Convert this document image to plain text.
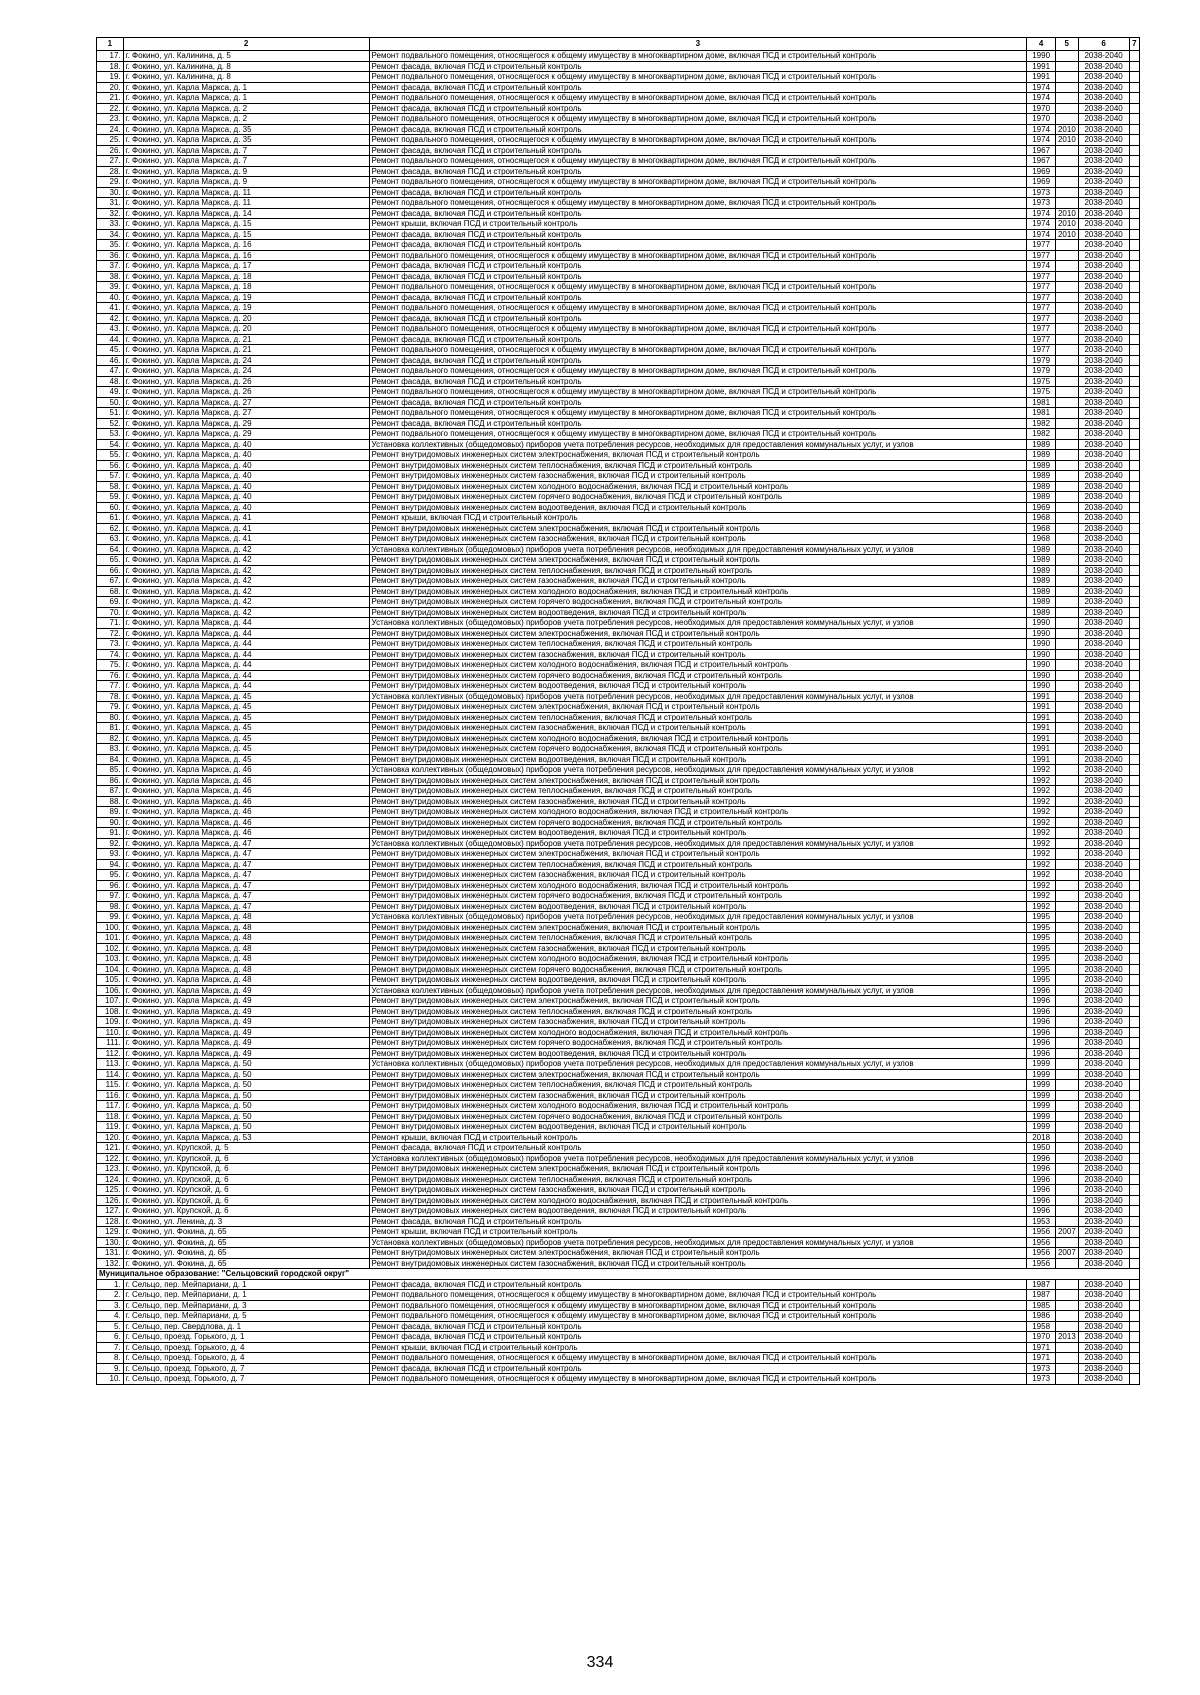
1	2	3	4	5	6	7
17.	г. Фокино, ул. Калинина, д. 5	Ремонт подвального помещения, относящегося к общему имуществу в многоквартирном доме, включая ПСД и строительный контроль	1990		2038-2040	
18.	г. Фокино, ул. Калинина, д. 8	Ремонт фасада, включая ПСД и строительный контроль	1991		2038-2040	
19.	г. Фокино, ул. Калинина, д. 8	Ремонт подвального помещения, относящегося к общему имуществу в многоквартирном доме, включая ПСД и строительный контроль	1991		2038-2040	
20.	г. Фокино, ул. Карла Маркса, д. 1	Ремонт фасада, включая ПСД и строительный контроль	1974		2038-2040	
21.	г. Фокино, ул. Карла Маркса, д. 1	Ремонт подвального помещения, относящегося к общему имуществу в многоквартирном доме, включая ПСД и строительный контроль	1974		2038-2040	
22.	г. Фокино, ул. Карла Маркса, д. 2	Ремонт фасада, включая ПСД и строительный контроль	1970		2038-2040	
23.	г. Фокино, ул. Карла Маркса, д. 2	Ремонт подвального помещения, относящегося к общему имуществу в многоквартирном доме, включая ПСД и строительный контроль	1970		2038-2040	
24.	г. Фокино, ул. Карла Маркса, д. 35	Ремонт фасада, включая ПСД и строительный контроль	1974	2010	2038-2040	
25.	г. Фокино, ул. Карла Маркса, д. 35	Ремонт подвального помещения, относящегося к общему имуществу в многоквартирном доме, включая ПСД и строительный контроль	1974	2010	2038-2040	
26.	г. Фокино, ул. Карла Маркса, д. 7	Ремонт фасада, включая ПСД и строительный контроль	1967		2038-2040	
27.	г. Фокино, ул. Карла Маркса, д. 7	Ремонт подвального помещения, относящегося к общему имуществу в многоквартирном доме, включая ПСД и строительный контроль	1967		2038-2040	
28.	г. Фокино, ул. Карла Маркса, д. 9	Ремонт фасада, включая ПСД и строительный контроль	1969		2038-2040	
29.	г. Фокино, ул. Карла Маркса, д. 9	Ремонт подвального помещения, относящегося к общему имуществу в многоквартирном доме, включая ПСД и строительный контроль	1969		2038-2040	
30.	г. Фокино, ул. Карла Маркса, д. 11	Ремонт фасада, включая ПСД и строительный контроль	1973		2038-2040	
31.	г. Фокино, ул. Карла Маркса, д. 11	Ремонт подвального помещения, относящегося к общему имуществу в многоквартирном доме, включая ПСД и строительный контроль	1973		2038-2040	
32.	г. Фокино, ул. Карла Маркса, д. 14	Ремонт фасада, включая ПСД и строительный контроль	1974	2010	2038-2040	
33.	г. Фокино, ул. Карла Маркса, д. 15	Ремонт крыши, включая ПСД и строительный контроль	1974	2010	2038-2040	
34.	г. Фокино, ул. Карла Маркса, д. 15	Ремонт фасада, включая ПСД и строительный контроль	1974	2010	2038-2040	
35.	г. Фокино, ул. Карла Маркса, д. 16	Ремонт фасада, включая ПСД и строительный контроль	1977		2038-2040	
36.	г. Фокино, ул. Карла Маркса, д. 16	Ремонт подвального помещения, относящегося к общему имуществу в многоквартирном доме, включая ПСД и строительный контроль	1977		2038-2040	
37.	г. Фокино, ул. Карла Маркса, д. 17	Ремонт фасада, включая ПСД и строительный контроль	1974		2038-2040	
38.	г. Фокино, ул. Карла Маркса, д. 18	Ремонт фасада, включая ПСД и строительный контроль	1977		2038-2040	
39.	г. Фокино, ул. Карла Маркса, д. 18	Ремонт подвального помещения, относящегося к общему имуществу в многоквартирном доме, включая ПСД и строительный контроль	1977		2038-2040	
40.	г. Фокино, ул. Карла Маркса, д. 19	Ремонт фасада, включая ПСД и строительный контроль	1977		2038-2040	
41.	г. Фокино, ул. Карла Маркса, д. 19	Ремонт подвального помещения, относящегося к общему имуществу в многоквартирном доме, включая ПСД и строительный контроль	1977		2038-2040	
42.	г. Фокино, ул. Карла Маркса, д. 20	Ремонт фасада, включая ПСД и строительный контроль	1977		2038-2040	
43.	г. Фокино, ул. Карла Маркса, д. 20	Ремонт подвального помещения, относящегося к общему имуществу в многоквартирном доме, включая ПСД и строительный контроль	1977		2038-2040	
44.	г. Фокино, ул. Карла Маркса, д. 21	Ремонт фасада, включая ПСД и строительный контроль	1977		2038-2040	
45.	г. Фокино, ул. Карла Маркса, д. 21	Ремонт подвального помещения, относящегося к общему имуществу в многоквартирном доме, включая ПСД и строительный контроль	1977		2038-2040	
46.	г. Фокино, ул. Карла Маркса, д. 24	Ремонт фасада, включая ПСД и строительный контроль	1979		2038-2040	
47.	г. Фокино, ул. Карла Маркса, д. 24	Ремонт подвального помещения, относящегося к общему имуществу в многоквартирном доме, включая ПСД и строительный контроль	1979		2038-2040	
48.	г. Фокино, ул. Карла Маркса, д. 26	Ремонт фасада, включая ПСД и строительный контроль	1975		2038-2040	
49.	г. Фокино, ул. Карла Маркса, д. 26	Ремонт подвального помещения, относящегося к общему имуществу в многоквартирном доме, включая ПСД и строительный контроль	1975		2038-2040	
50.	г. Фокино, ул. Карла Маркса, д. 27	Ремонт фасада, включая ПСД и строительный контроль	1981		2038-2040	
51.	г. Фокино, ул. Карла Маркса, д. 27	Ремонт подвального помещения, относящегося к общему имуществу в многоквартирном доме, включая ПСД и строительный контроль	1981		2038-2040	
52.	г. Фокино, ул. Карла Маркса, д. 29	Ремонт фасада, включая ПСД и строительный контроль	1982		2038-2040	
53.	г. Фокино, ул. Карла Маркса, д. 29	Ремонт подвального помещения, относящегося к общему имуществу в многоквартирном доме, включая ПСД и строительный контроль	1982		2038-2040	
54.	г. Фокино, ул. Карла Маркса, д. 40	Установка коллективных (общедомовых) приборов учета потребления ресурсов, необходимых для предоставления коммунальных услуг, и узлов	1989		2038-2040	
55.	г. Фокино, ул. Карла Маркса, д. 40	Ремонт внутридомовых инженерных систем электроснабжения, включая ПСД и строительный контроль	1989		2038-2040	
56.	г. Фокино, ул. Карла Маркса, д. 40	Ремонт внутридомовых инженерных систем теплоснабжения, включая ПСД и строительный контроль	1989		2038-2040	
57.	г. Фокино, ул. Карла Маркса, д. 40	Ремонт внутридомовых инженерных систем газоснабжения, включая ПСД и строительный контроль	1989		2038-2040	
58.	г. Фокино, ул. Карла Маркса, д. 40	Ремонт внутридомовых инженерных систем холодного водоснабжения, включая ПСД и строительный контроль	1989		2038-2040	
59.	г. Фокино, ул. Карла Маркса, д. 40	Ремонт внутридомовых инженерных систем горячего водоснабжения, включая ПСД и строительный контроль	1989		2038-2040	
60.	г. Фокино, ул. Карла Маркса, д. 40	Ремонт внутридомовых инженерных систем водоотведения, включая ПСД и строительный контроль	1969		2038-2040	
61.	г. Фокино, ул. Карла Маркса, д. 41	Ремонт крыши, включая ПСД и строительный контроль	1968		2038-2040	
62.	г. Фокино, ул. Карла Маркса, д. 41	Ремонт внутридомовых инженерных систем электроснабжения, включая ПСД и строительный контроль	1968		2038-2040	
63.	г. Фокино, ул. Карла Маркса, д. 41	Ремонт внутридомовых инженерных систем газоснабжения, включая ПСД и строительный контроль	1968		2038-2040	
64.	г. Фокино, ул. Карла Маркса, д. 42	Установка коллективных (общедомовых) приборов учета потребления ресурсов, необходимых для предоставления коммунальных услуг, и узлов	1989		2038-2040	
65.	г. Фокино, ул. Карла Маркса, д. 42	Ремонт внутридомовых инженерных систем электроснабжения, включая ПСД и строительный контроль	1989		2038-2040	
66.	г. Фокино, ул. Карла Маркса, д. 42	Ремонт внутридомовых инженерных систем теплоснабжения, включая ПСД и строительный контроль	1989		2038-2040	
67.	г. Фокино, ул. Карла Маркса, д. 42	Ремонт внутридомовых инженерных систем газоснабжения, включая ПСД и строительный контроль	1989		2038-2040	
68.	г. Фокино, ул. Карла Маркса, д. 42	Ремонт внутридомовых инженерных систем холодного водоснабжения, включая ПСД и строительный контроль	1989		2038-2040	
69.	г. Фокино, ул. Карла Маркса, д. 42	Ремонт внутридомовых инженерных систем горячего водоснабжения, включая ПСД и строительный контроль	1989		2038-2040	
70.	г. Фокино, ул. Карла Маркса, д. 42	Ремонт внутридомовых инженерных систем водоотведения, включая ПСД и строительный контроль	1989		2038-2040	
71.	г. Фокино, ул. Карла Маркса, д. 44	Установка коллективных (общедомовых) приборов учета потребления ресурсов, необходимых для предоставления коммунальных услуг, и узлов	1990		2038-2040	
72.	г. Фокино, ул. Карла Маркса, д. 44	Ремонт внутридомовых инженерных систем электроснабжения, включая ПСД и строительный контроль	1990		2038-2040	
73.	г. Фокино, ул. Карла Маркса, д. 44	Ремонт внутридомовых инженерных систем теплоснабжения, включая ПСД и строительный контроль	1990		2038-2040	
74.	г. Фокино, ул. Карла Маркса, д. 44	Ремонт внутридомовых инженерных систем газоснабжения, включая ПСД и строительный контроль	1990		2038-2040	
75.	г. Фокино, ул. Карла Маркса, д. 44	Ремонт внутридомовых инженерных систем холодного водоснабжения, включая ПСД и строительный контроль	1990		2038-2040	
76.	г. Фокино, ул. Карла Маркса, д. 44	Ремонт внутридомовых инженерных систем горячего водоснабжения, включая ПСД и строительный контроль	1990		2038-2040	
77.	г. Фокино, ул. Карла Маркса, д. 44	Ремонт внутридомовых инженерных систем водоотведения, включая ПСД и строительный контроль	1990		2038-2040	
78.	г. Фокино, ул. Карла Маркса, д. 45	Установка коллективных (общедомовых) приборов учета потребления ресурсов, необходимых для предоставления коммунальных услуг, и узлов	1991		2038-2040	
79.	г. Фокино, ул. Карла Маркса, д. 45	Ремонт внутридомовых инженерных систем электроснабжения, включая ПСД и строительный контроль	1991		2038-2040	
80.	г. Фокино, ул. Карла Маркса, д. 45	Ремонт внутридомовых инженерных систем теплоснабжения, включая ПСД и строительный контроль	1991		2038-2040	
81.	г. Фокино, ул. Карла Маркса, д. 45	Ремонт внутридомовых инженерных систем газоснабжения, включая ПСД и строительный контроль	1991		2038-2040	
82.	г. Фокино, ул. Карла Маркса, д. 45	Ремонт внутридомовых инженерных систем холодного водоснабжения, включая ПСД и строительный контроль	1991		2038-2040	
83.	г. Фокино, ул. Карла Маркса, д. 45	Ремонт внутридомовых инженерных систем горячего водоснабжения, включая ПСД и строительный контроль	1991		2038-2040	
84.	г. Фокино, ул. Карла Маркса, д. 45	Ремонт внутридомовых инженерных систем водоотведения, включая ПСД и строительный контроль	1991		2038-2040	
85.	г. Фокино, ул. Карла Маркса, д. 46	Установка коллективных (общедомовых) приборов учета потребления ресурсов, необходимых для предоставления коммунальных услуг, и узлов	1992		2038-2040	
86.	г. Фокино, ул. Карла Маркса, д. 46	Ремонт внутридомовых инженерных систем электроснабжения, включая ПСД и строительный контроль	1992		2038-2040	
87.	г. Фокино, ул. Карла Маркса, д. 46	Ремонт внутридомовых инженерных систем теплоснабжения, включая ПСД и строительный контроль	1992		2038-2040	
88.	г. Фокино, ул. Карла Маркса, д. 46	Ремонт внутридомовых инженерных систем газоснабжения, включая ПСД и строительный контроль	1992		2038-2040	
89.	г. Фокино, ул. Карла Маркса, д. 46	Ремонт внутридомовых инженерных систем холодного водоснабжения, включая ПСД и строительный контроль	1992		2038-2040	
90.	г. Фокино, ул. Карла Маркса, д. 46	Ремонт внутридомовых инженерных систем горячего водоснабжения, включая ПСД и строительный контроль	1992		2038-2040	
91.	г. Фокино, ул. Карла Маркса, д. 46	Ремонт внутридомовых инженерных систем водоотведения, включая ПСД и строительный контроль	1992		2038-2040	
92.	г. Фокино, ул. Карла Маркса, д. 47	Установка коллективных (общедомовых) приборов учета потребления ресурсов, необходимых для предоставления коммунальных услуг, и узлов	1992		2038-2040	
93.	г. Фокино, ул. Карла Маркса, д. 47	Ремонт внутридомовых инженерных систем электроснабжения, включая ПСД и строительный контроль	1992		2038-2040	
94.	г. Фокино, ул. Карла Маркса, д. 47	Ремонт внутридомовых инженерных систем теплоснабжения, включая ПСД и строительный контроль	1992		2038-2040	
95.	г. Фокино, ул. Карла Маркса, д. 47	Ремонт внутридомовых инженерных систем газоснабжения, включая ПСД и строительный контроль	1992		2038-2040	
96.	г. Фокино, ул. Карла Маркса, д. 47	Ремонт внутридомовых инженерных систем холодного водоснабжения, включая ПСД и строительный контроль	1992		2038-2040	
97.	г. Фокино, ул. Карла Маркса, д. 47	Ремонт внутридомовых инженерных систем горячего водоснабжения, включая ПСД и строительный контроль	1992		2038-2040	
98.	г. Фокино, ул. Карла Маркса, д. 47	Ремонт внутридомовых инженерных систем водоотведения, включая ПСД и строительный контроль	1992		2038-2040	
99.	г. Фокино, ул. Карла Маркса, д. 48	Установка коллективных (общедомовых) приборов учета потребления ресурсов, необходимых для предоставления коммунальных услуг, и узлов	1995		2038-2040	
100.	г. Фокино, ул. Карла Маркса, д. 48	Ремонт внутридомовых инженерных систем электроснабжения, включая ПСД и строительный контроль	1995		2038-2040	
101.	г. Фокино, ул. Карла Маркса, д. 48	Ремонт внутридомовых инженерных систем теплоснабжения, включая ПСД и строительный контроль	1995		2038-2040	
102.	г. Фокино, ул. Карла Маркса, д. 48	Ремонт внутридомовых инженерных систем газоснабжения, включая ПСД и строительный контроль	1995		2038-2040	
103.	г. Фокино, ул. Карла Маркса, д. 48	Ремонт внутридомовых инженерных систем холодного водоснабжения, включая ПСД и строительный контроль	1995		2038-2040	
104.	г. Фокино, ул. Карла Маркса, д. 48	Ремонт внутридомовых инженерных систем горячего водоснабжения, включая ПСД и строительный контроль	1995		2038-2040	
105.	г. Фокино, ул. Карла Маркса, д. 48	Ремонт внутридомовых инженерных систем водоотведения, включая ПСД и строительный контроль	1995		2038-2040	
106.	г. Фокино, ул. Карла Маркса, д. 49	Установка коллективных (общедомовых) приборов учета потребления ресурсов, необходимых для предоставления коммунальных услуг, и узлов	1996		2038-2040	
107.	г. Фокино, ул. Карла Маркса, д. 49	Ремонт внутридомовых инженерных систем электроснабжения, включая ПСД и строительный контроль	1996		2038-2040	
108.	г. Фокино, ул. Карла Маркса, д. 49	Ремонт внутридомовых инженерных систем теплоснабжения, включая ПСД и строительный контроль	1996		2038-2040	
109.	г. Фокино, ул. Карла Маркса, д. 49	Ремонт внутридомовых инженерных систем газоснабжения, включая ПСД и строительный контроль	1996		2038-2040	
110.	г. Фокино, ул. Карла Маркса, д. 49	Ремонт внутридомовых инженерных систем холодного водоснабжения, включая ПСД и строительный контроль	1996		2038-2040	
111.	г. Фокино, ул. Карла Маркса, д. 49	Ремонт внутридомовых инженерных систем горячего водоснабжения, включая ПСД и строительный контроль	1996		2038-2040	
112.	г. Фокино, ул. Карла Маркса, д. 49	Ремонт внутридомовых инженерных систем водоотведения, включая ПСД и строительный контроль	1996		2038-2040	
113.	г. Фокино, ул. Карла Маркса, д. 50	Установка коллективных (общедомовых) приборов учета потребления ресурсов, необходимых для предоставления коммунальных услуг, и узлов	1999		2038-2040	
114.	г. Фокино, ул. Карла Маркса, д. 50	Ремонт внутридомовых инженерных систем электроснабжения, включая ПСД и строительный контроль	1999		2038-2040	
115.	г. Фокино, ул. Карла Маркса, д. 50	Ремонт внутридомовых инженерных систем теплоснабжения, включая ПСД и строительный контроль	1999		2038-2040	
116.	г. Фокино, ул. Карла Маркса, д. 50	Ремонт внутридомовых инженерных систем газоснабжения, включая ПСД и строительный контроль	1999		2038-2040	
117.	г. Фокино, ул. Карла Маркса, д. 50	Ремонт внутридомовых инженерных систем холодного водоснабжения, включая ПСД и строительный контроль	1999		2038-2040	
118.	г. Фокино, ул. Карла Маркса, д. 50	Ремонт внутридомовых инженерных систем горячего водоснабжения, включая ПСД и строительный контроль	1999		2038-2040	
119.	г. Фокино, ул. Карла Маркса, д. 50	Ремонт внутридомовых инженерных систем водоотведения, включая ПСД и строительный контроль	1999		2038-2040	
120.	г. Фокино, ул. Карла Маркса, д. 53	Ремонт крыши, включая ПСД и строительный контроль	2018		2038-2040	
121.	г. Фокино, ул. Крупской, д. 5	Ремонт фасада, включая ПСД и строительный контроль	1950		2038-2040	
122.	г. Фокино, ул. Крупской, д. 6	Установка коллективных (общедомовых) приборов учета потребления ресурсов, необходимых для предоставления коммунальных услуг, и узлов	1996		2038-2040	
123.	г. Фокино, ул. Крупской, д. 6	Ремонт внутридомовых инженерных систем электроснабжения, включая ПСД и строительный контроль	1996		2038-2040	
124.	г. Фокино, ул. Крупской, д. 6	Ремонт внутридомовых инженерных систем теплоснабжения, включая ПСД и строительный контроль	1996		2038-2040	
125.	г. Фокино, ул. Крупской, д. 6	Ремонт внутридомовых инженерных систем газоснабжения, включая ПСД и строительный контроль	1996		2038-2040	
126.	г. Фокино, ул. Крупской, д. 6	Ремонт внутридомовых инженерных систем холодного водоснабжения, включая ПСД и строительный контроль	1996		2038-2040	
127.	г. Фокино, ул. Крупской, д. 6	Ремонт внутридомовых инженерных систем водоотведения, включая ПСД и строительный контроль	1996		2038-2040	
128.	г. Фокино, ул. Ленина, д. 3	Ремонт фасада, включая ПСД и строительный контроль	1953		2038-2040	
129.	г. Фокино, ул. Фокина, д. 65	Ремонт крыши, включая ПСД и строительный контроль	1956	2007	2038-2040	
130.	г. Фокино, ул. Фокина, д. 65	Установка коллективных (общедомовых) приборов учета потребления ресурсов, необходимых для предоставления коммунальных услуг, и узлов	1956		2038-2040	
131.	г. Фокино, ул. Фокина, д. 65	Ремонт внутридомовых инженерных систем электроснабжения, включая ПСД и строительный контроль	1956	2007	2038-2040	
132.	г. Фокино, ул. Фокина, д. 65	Ремонт внутридомовых инженерных систем газоснабжения, включая ПСД и строительный контроль	1956		2038-2040	
Муниципальное образование: "Сельцовский городской округ"						
1.	г. Сельцо, пер. Мейпариани, д. 1	Ремонт фасада, включая ПСД и строительный контроль	1987		2038-2040	
2.	г. Сельцо, пер. Мейпариани, д. 1	Ремонт подвального помещения, относящегося к общему имуществу в многоквартирном доме, включая ПСД и строительный контроль	1987		2038-2040	
3.	г. Сельцо, пер. Мейпариани, д. 3	Ремонт подвального помещения, относящегося к общему имуществу в многоквартирном доме, включая ПСД и строительный контроль	1985		2038-2040	
4.	г. Сельцо, пер. Мейпариани, д. 5	Ремонт подвального помещения, относящегося к общему имуществу в многоквартирном доме, включая ПСД и строительный контроль	1986		2038-2040	
5.	г. Сельцо, пер. Свердлова, д. 1	Ремонт фасада, включая ПСД и строительный контроль	1958		2038-2040	
6.	г. Сельцо, проезд. Горького, д. 1	Ремонт фасада, включая ПСД и строительный контроль	1970	2013	2038-2040	
7.	г. Сельцо, проезд. Горького, д. 4	Ремонт крыши, включая ПСД и строительный контроль	1971		2038-2040	
8.	г. Сельцо, проезд. Горького, д. 4	Ремонт подвального помещения, относящегося к общему имуществу в многоквартирном доме, включая ПСД и строительный контроль	1971		2038-2040	
9.	г. Сельцо, проезд. Горького, д. 7	Ремонт фасада, включая ПСД и строительный контроль	1973		2038-2040	
10.	г. Сельцо, проезд. Горького, д. 7	Ремонт подвального помещения, относящегося к общему имуществу в многоквартирном доме, включая ПСД и строительный контроль	1973		2038-2040	
334
